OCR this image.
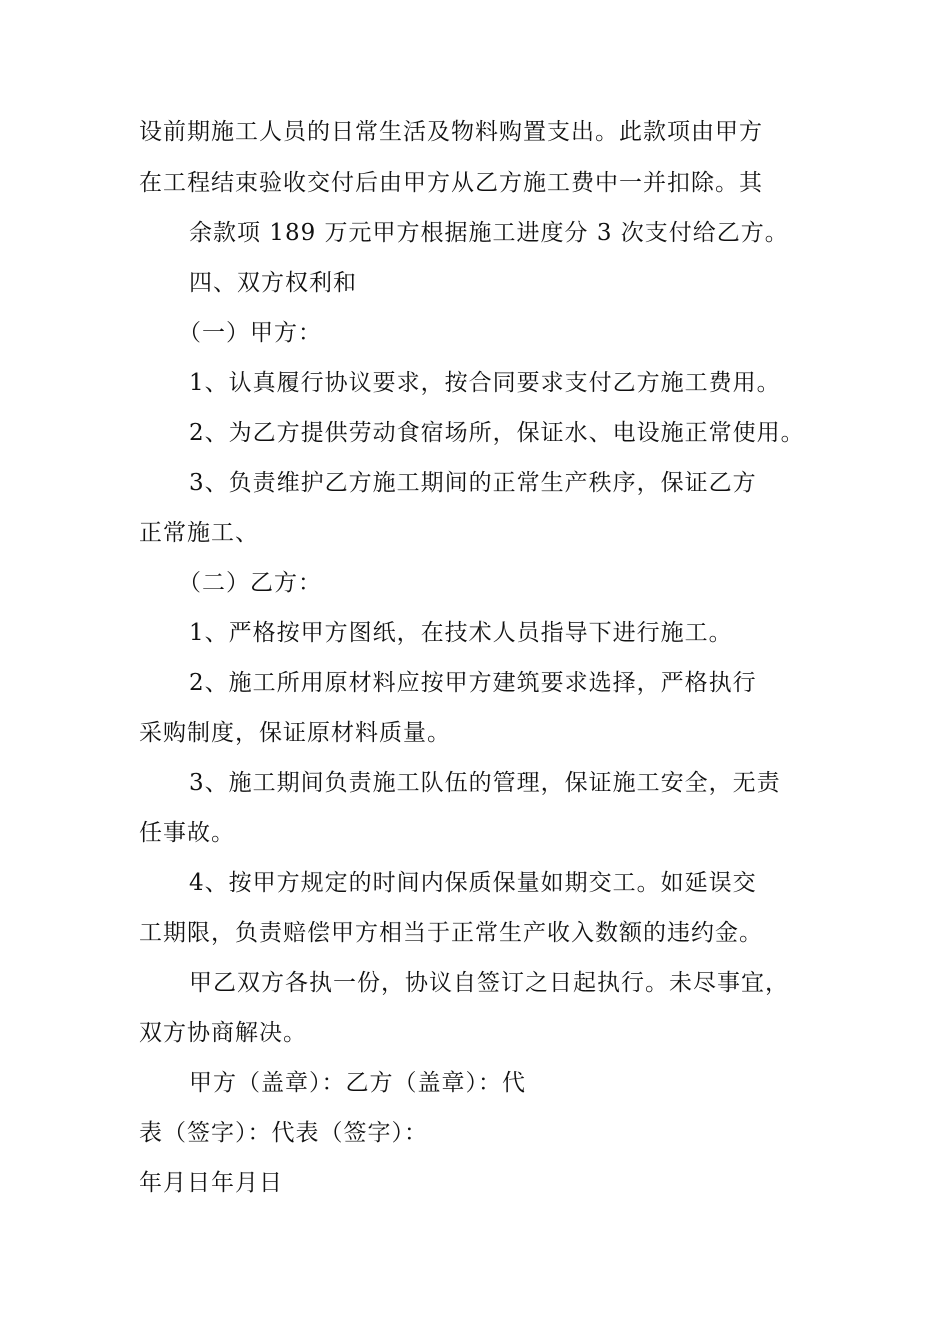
设前期施工人员的日常生活及物料购置支出。此款项由甲方
在工程结束验收交付后由甲方从乙方施工费中一并扣除。其
余款项 189 万元甲方根据施工进度分 3 次支付给乙方。
四、双方权利和
（一）甲方：
1、认真履行协议要求，按合同要求支付乙方施工费用。
2、为乙方提供劳动食宿场所，保证水、电设施正常使用。
3、负责维护乙方施工期间的正常生产秩序，保证乙方
正常施工、
（二）乙方：
1、严格按甲方图纸，在技术人员指导下进行施工。
2、施工所用原材料应按甲方建筑要求选择，严格执行
采购制度，保证原材料质量。
3、施工期间负责施工队伍的管理，保证施工安全，无责
任事故。
4、按甲方规定的时间内保质保量如期交工。如延误交
工期限，负责赔偿甲方相当于正常生产收入数额的违约金。
甲乙双方各执一份，协议自签订之日起执行。未尽事宜，
双方协商解决。
甲方（盖章）：乙方（盖章）：代
表（签字）：代表（签字）：
年月日年月日
